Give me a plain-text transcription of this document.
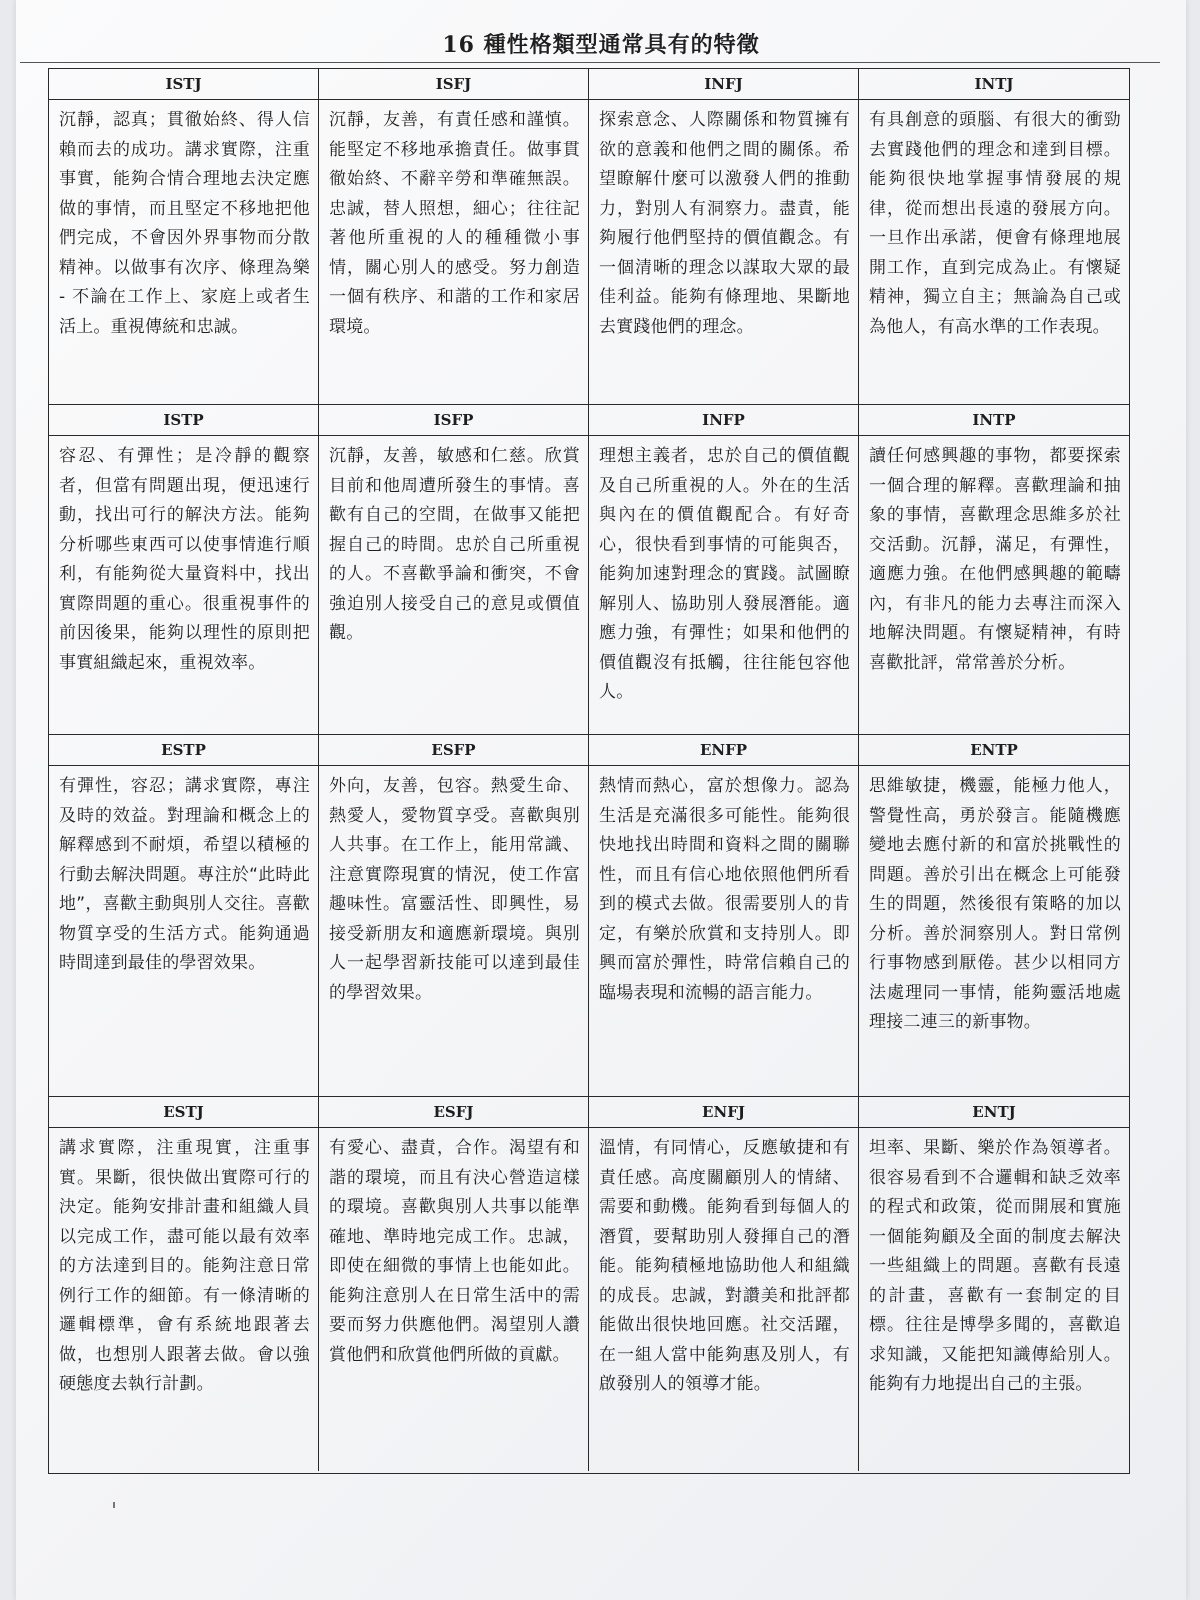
16 種性格類型通常具有的特徵
ISTJ
沉靜，認真；貫徹始終、得人信賴而去的成功。講求實際，注重事實，能夠合情合理地去決定應做的事情，而且堅定不移地把他們完成，不會因外界事物而分散精神。以做事有次序、條理為樂 - 不論在工作上、家庭上或者生活上。重視傳統和忠誠。
ISFJ
沉靜，友善，有責任感和謹慎。能堅定不移地承擔責任。做事貫徹始終、不辭辛勞和準確無誤。忠誠，替人照想，細心；往往記著他所重視的人的種種微小事情，關心別人的感受。努力創造一個有秩序、和諧的工作和家居環境。
INFJ
探索意念、人際關係和物質擁有欲的意義和他們之間的關係。希望瞭解什麼可以激發人們的推動力，對別人有洞察力。盡責，能夠履行他們堅持的價值觀念。有一個清晰的理念以謀取大眾的最佳利益。能夠有條理地、果斷地去實踐他們的理念。
INTJ
有具創意的頭腦、有很大的衝勁去實踐他們的理念和達到目標。能夠很快地掌握事情發展的規律，從而想出長遠的發展方向。一旦作出承諾，便會有條理地展開工作，直到完成為止。有懷疑精神，獨立自主；無論為自己或為他人，有高水準的工作表現。
ISTP
容忍、有彈性；是冷靜的觀察者，但當有問題出現，便迅速行動，找出可行的解決方法。能夠分析哪些東西可以使事情進行順利，有能夠從大量資料中，找出實際問題的重心。很重視事件的前因後果，能夠以理性的原則把事實組織起來，重視效率。
ISFP
沉靜，友善，敏感和仁慈。欣賞目前和他周遭所發生的事情。喜歡有自己的空間，在做事又能把握自己的時間。忠於自己所重視的人。不喜歡爭論和衝突，不會強迫別人接受自己的意見或價值觀。
INFP
理想主義者，忠於自己的價值觀及自己所重視的人。外在的生活與內在的價值觀配合。有好奇心，很快看到事情的可能與否，能夠加速對理念的實踐。試圖瞭解別人、協助別人發展潛能。適應力強，有彈性；如果和他們的價值觀沒有抵觸，往往能包容他人。
INTP
讀任何感興趣的事物，都要探索一個合理的解釋。喜歡理論和抽象的事情，喜歡理念思維多於社交活動。沉靜，滿足，有彈性，適應力強。在他們感興趣的範疇內，有非凡的能力去專注而深入地解決問題。有懷疑精神，有時喜歡批評，常常善於分析。
ESTP
有彈性，容忍；講求實際，專注及時的效益。對理論和概念上的解釋感到不耐煩，希望以積極的行動去解決問題。專注於“此時此地”，喜歡主動與別人交往。喜歡物質享受的生活方式。能夠通過時間達到最佳的學習效果。
ESFP
外向，友善，包容。熱愛生命、熱愛人，愛物質享受。喜歡與別人共事。在工作上，能用常識、注意實際現實的情況，使工作富趣味性。富靈活性、即興性，易接受新朋友和適應新環境。與別人一起學習新技能可以達到最佳的學習效果。
ENFP
熱情而熱心，富於想像力。認為生活是充滿很多可能性。能夠很快地找出時間和資料之間的關聯性，而且有信心地依照他們所看到的模式去做。很需要別人的肯定，有樂於欣賞和支持別人。即興而富於彈性，時常信賴自己的臨場表現和流暢的語言能力。
ENTP
思維敏捷，機靈，能極力他人，警覺性高，勇於發言。能隨機應變地去應付新的和富於挑戰性的問題。善於引出在概念上可能發生的問題，然後很有策略的加以分析。善於洞察別人。對日常例行事物感到厭倦。甚少以相同方法處理同一事情，能夠靈活地處理接二連三的新事物。
ESTJ
講求實際，注重現實，注重事實。果斷，很快做出實際可行的決定。能夠安排計畫和組織人員以完成工作，盡可能以最有效率的方法達到目的。能夠注意日常例行工作的細節。有一條清晰的邏輯標準，會有系統地跟著去做，也想別人跟著去做。會以強硬態度去執行計劃。
ESFJ
有愛心、盡責，合作。渴望有和諧的環境，而且有決心營造這樣的環境。喜歡與別人共事以能準確地、準時地完成工作。忠誠，即使在細微的事情上也能如此。能夠注意別人在日常生活中的需要而努力供應他們。渴望別人讚賞他們和欣賞他們所做的貢獻。
ENFJ
溫情，有同情心，反應敏捷和有責任感。高度關顧別人的情緒、需要和動機。能夠看到每個人的潛質，要幫助別人發揮自己的潛能。能夠積極地協助他人和組織的成長。忠誠，對讚美和批評都能做出很快地回應。社交活躍，在一組人當中能夠惠及別人，有啟發別人的領導才能。
ENTJ
坦率、果斷、樂於作為領導者。很容易看到不合邏輯和缺乏效率的程式和政策，從而開展和實施一個能夠顧及全面的制度去解決一些組織上的問題。喜歡有長遠的計畫，喜歡有一套制定的目標。往往是博學多聞的，喜歡追求知識，又能把知識傳給別人。能夠有力地提出自己的主張。
